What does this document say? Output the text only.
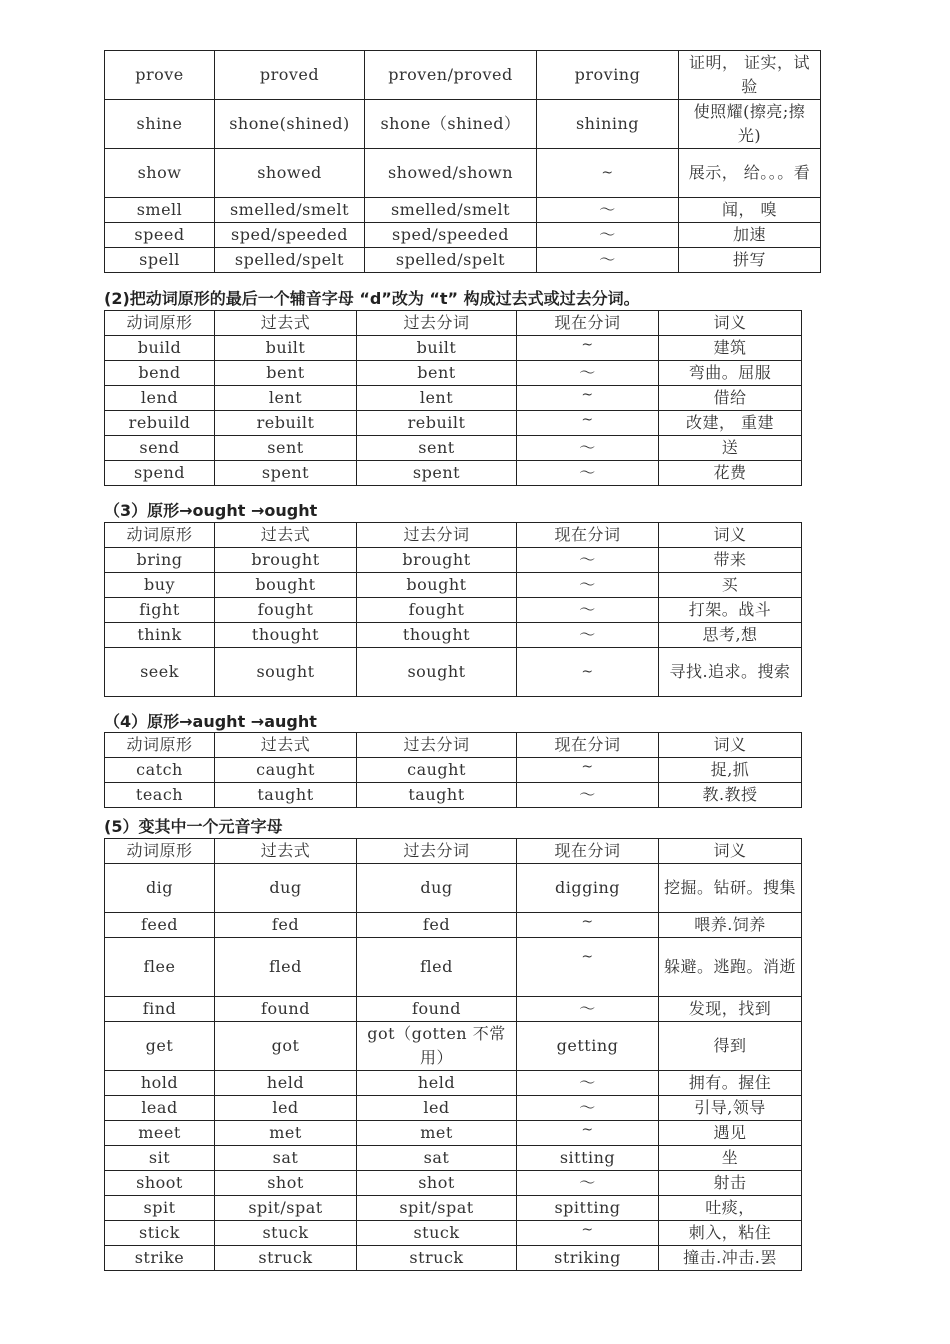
prove	proved	proven/proved	proving	证明， 证实，试验
shine	shone(shined)	shone（shined）	shining	使照耀(擦亮;擦光)
show	showed	showed/shown	~	展示， 给。。。看
smell	smelled/smelt	smelled/smelt	～	闻， 嗅
speed	sped/speeded	sped/speeded	～	加速
spell	spelled/spelt	spelled/spelt	～	拼写
(2)把动词原形的最后一个辅音字母 “d”改为 “t” 构成过去式或过去分词。
动词原形	过去式	过去分词	现在分词	词义
build	built	built	~	建筑
bend	bent	bent	～	弯曲。屈服
lend	lent	lent	~	借给
rebuild	rebuilt	rebuilt	~	改建， 重建
send	sent	sent	～	送
spend	spent	spent	～	花费
（3）原形→ought →ought
动词原形	过去式	过去分词	现在分词	词义
bring	brought	brought	～	带来
buy	bought	bought	～	买
fight	fought	fought	～	打架。战斗
think	thought	thought	～	思考,想
seek	sought	sought	~	寻找.追求。搜索
（4）原形→aught →aught
动词原形	过去式	过去分词	现在分词	词义
catch	caught	caught	~	捉,抓
teach	taught	taught	～	教.教授
(5）变其中一个元音字母
动词原形	过去式	过去分词	现在分词	词义
dig	dug	dug	digging	挖掘。钻研。搜集
feed	fed	fed	~	喂养.饲养
flee	fled	fled	~	躲避。逃跑。消逝
find	found	found	～	发现，找到
get	got	got（gotten 不常用）	getting	得到
hold	held	held	～	拥有。握住
lead	led	led	～	引导,领导
meet	met	met	~	遇见
sit	sat	sat	sitting	坐
shoot	shot	shot	～	射击
spit	spit/spat	spit/spat	spitting	吐痰，
stick	stuck	stuck	~	刺入，粘住
strike	struck	struck	striking	撞击.冲击.罢
